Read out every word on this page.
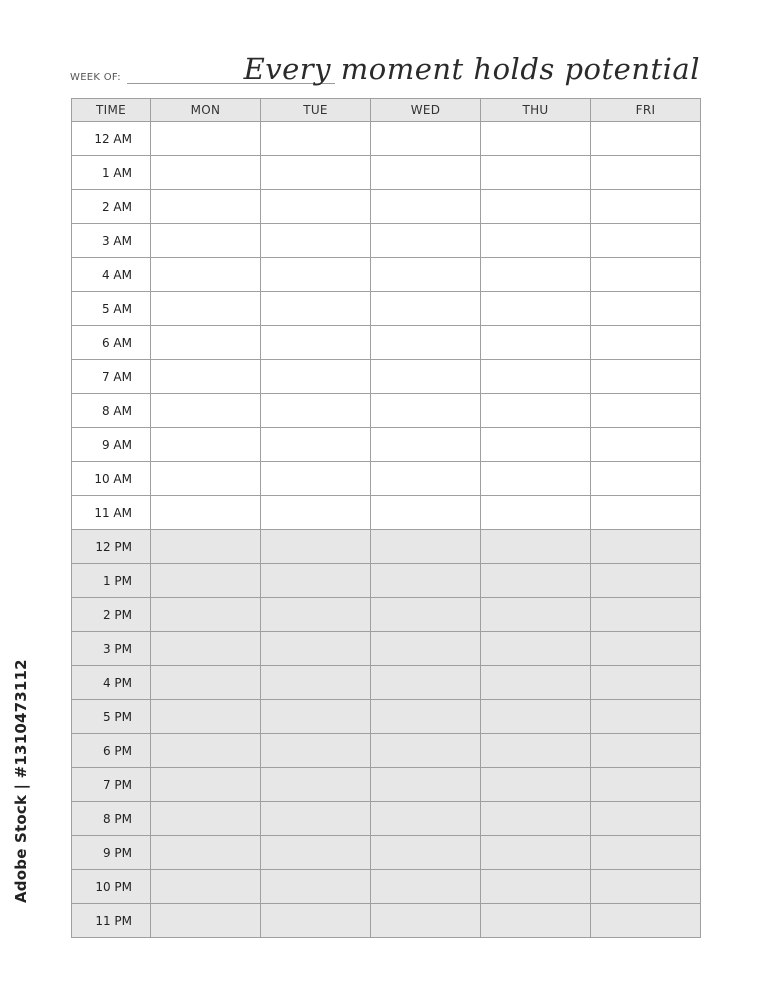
WEEK OF:	Every moment holds potential
TIME	MON	TUE	WED	THU	FRI
12 AM					
1 AM					
2 AM					
3 AM					
4 AM					
5 AM					
6 AM					
7 AM					
8 AM					
9 AM					
10 AM					
11 AM					
12 PM					
1 PM					
2 PM					
3 PM					
4 PM					
5 PM					
6 PM					
7 PM					
8 PM					
9 PM					
10 PM					
11 PM					
Adobe Stock | #1310473112
